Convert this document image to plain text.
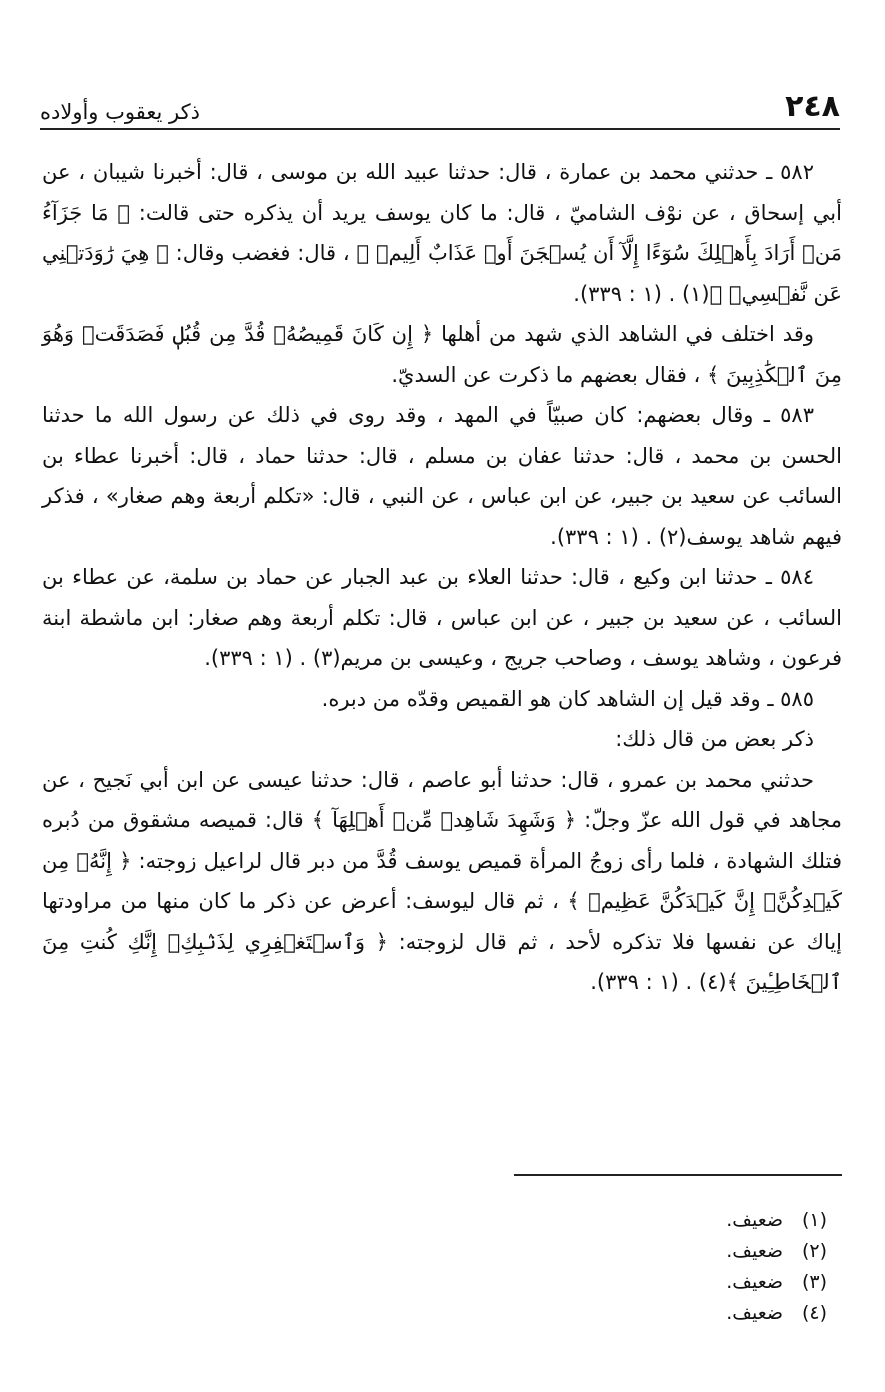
٢٤٨
ذكر يعقوب وأولاده

٥٨٢ ـ حدثني محمد بن عمارة ، قال: حدثنا عبيد الله بن موسى ، قال: أخبرنا شيبان ، عن أبي إسحاق ، عن نوْف الشاميّ ، قال: ما كان يوسف يريد أن يذكره حتى قالت: ﴿ مَا جَزَآءُ مَنۡ أَرَادَ بِأَهۡلِكَ سُوٓءًا إِلَّآ أَن يُسۡجَنَ أَوۡ عَذَابٌ أَلِيمٞ ﴾ ، قال: فغضب وقال: ﴿ هِيَ رَٰوَدَتۡنِي عَن نَّفۡسِيۚ ﴾(١) . (١ : ٣٣٩).

وقد اختلف في الشاهد الذي شهد من أهلها ﴿ إِن كَانَ قَمِيصُهُۥ قُدَّ مِن قُبُلٖ فَصَدَقَتۡ وَهُوَ مِنَ ٱلۡكَٰذِبِينَ ﴾ ، فقال بعضهم ما ذكرت عن السديّ.

٥٨٣ ـ وقال بعضهم: كان صبيّاً في المهد ، وقد روى في ذلك عن رسول الله ما حدثنا الحسن بن محمد ، قال: حدثنا عفان بن مسلم ، قال: حدثنا حماد ، قال: أخبرنا عطاء بن السائب عن سعيد بن جبير، عن ابن عباس ، عن النبي ، قال: «تكلم أربعة وهم صغار» ، فذكر فيهم شاهد يوسف(٢) . (١ : ٣٣٩).

٥٨٤ ـ حدثنا ابن وكيع ، قال: حدثنا العلاء بن عبد الجبار عن حماد بن سلمة، عن عطاء بن السائب ، عن سعيد بن جبير ، عن ابن عباس ، قال: تكلم أربعة وهم صغار: ابن ماشطة ابنة فرعون ، وشاهد يوسف ، وصاحب جريج ، وعيسى بن مريم(٣) . (١ : ٣٣٩).

٥٨٥ ـ وقد قيل إن الشاهد كان هو القميص وقدّه من دبره.

ذكر بعض من قال ذلك:

حدثني محمد بن عمرو ، قال: حدثنا أبو عاصم ، قال: حدثنا عيسى عن ابن أبي نَجيح ، عن مجاهد في قول الله عزّ وجلّ: ﴿ وَشَهِدَ شَاهِدٞ مِّنۡ أَهۡلِهَآ ﴾ قال: قميصه مشقوق من دُبره فتلك الشهادة ، فلما رأى زوجُ المرأة قميص يوسف قُدَّ من دبر قال لراعيل زوجته: ﴿ إِنَّهُۥ مِن كَيۡدِكُنَّۖ إِنَّ كَيۡدَكُنَّ عَظِيمٞ ﴾ ، ثم قال ليوسف: أعرض عن ذكر ما كان منها من مراودتها إياك عن نفسها فلا تذكره لأحد ، ثم قال لزوجته: ﴿ وَٱسۡتَغۡفِرِي لِذَنۢبِكِۖ إِنَّكِ كُنتِ مِنَ ٱلۡخَاطِـِٔينَ ﴾(٤) . (١ : ٣٣٩).

(١)
ضعيف.
(٢)
ضعيف.
(٣)
ضعيف.
(٤)
ضعيف.
